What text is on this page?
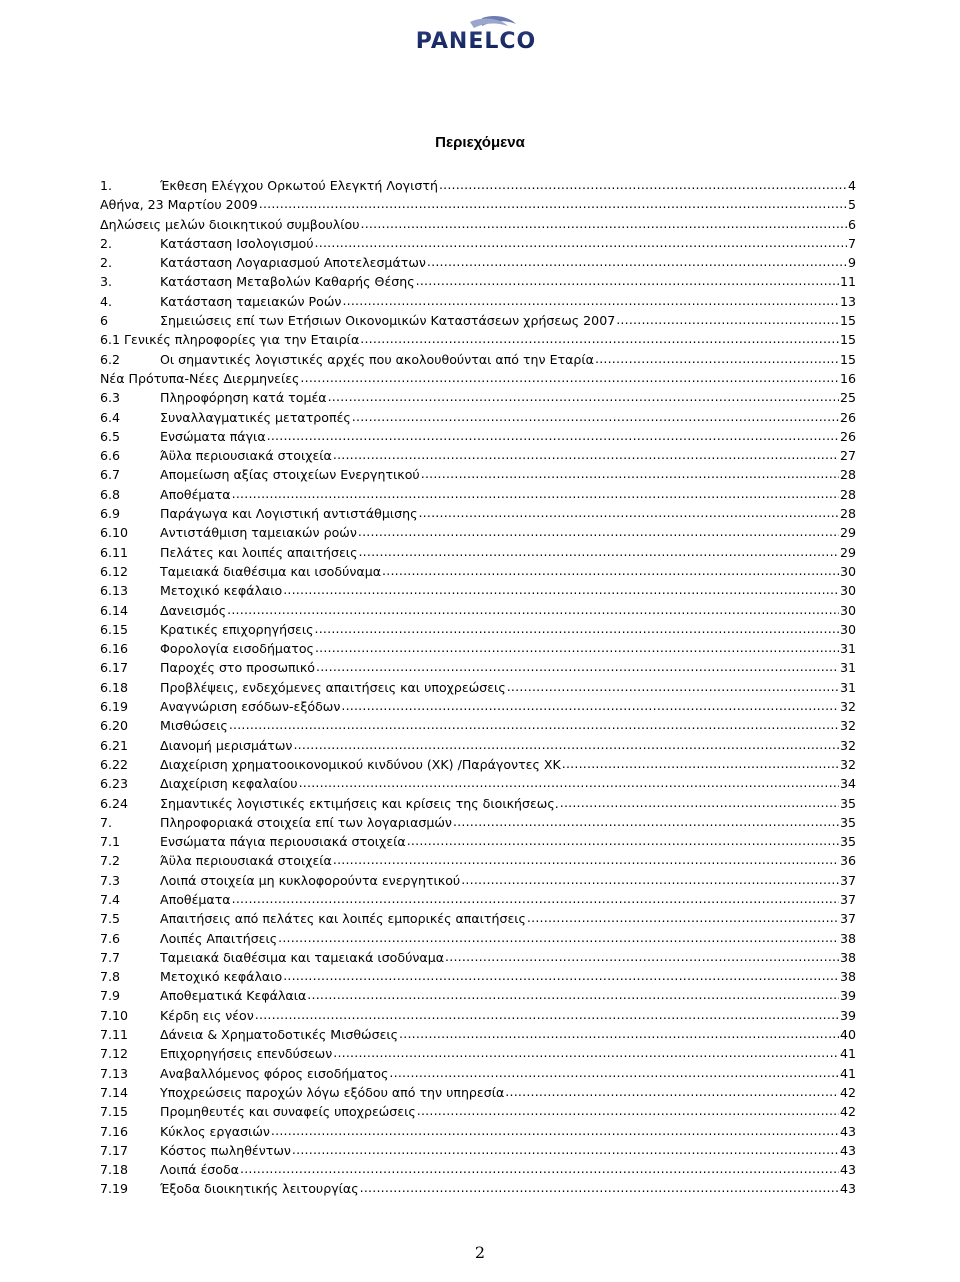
PANELCO
Περιεχόμενα
1.	Έκθεση Ελέγχου Ορκωτού Ελεγκτή Λογιστή . . .	4
Αθήνα, 23 Μαρτίου 2009 . . .	5
Δηλώσεις μελών διοικητικού συμβουλίου . . .	6
2.	Κατάσταση Ισολογισμού . . .	7
2.	Κατάσταση Λογαριασμού Αποτελεσμάτων . . .	9
3.	Κατάσταση Μεταβολών Καθαρής Θέσης . . .	11
4.	Κατάσταση ταμειακών Ροών . . .	13
6	Σημειώσεις επί των Ετήσιων Οικονομικών Καταστάσεων χρήσεως 2007 . . .	15
6.1 Γενικές πληροφορίες για την Εταιρία . . .	15
6.2	Οι σημαντικές λογιστικές αρχές που ακολουθούνται από την Εταρία . . .	15
Νέα Πρότυπα-Νέες Διερμηνείες . . .	16
6.3	Πληροφόρηση κατά τομέα . . .	25
6.4	Συναλλαγματικές μετατροπές . . .	26
6.5	Ενσώματα πάγια . . .	26
6.6	Άϋλα περιουσιακά στοιχεία . . .	27
6.7	Απομείωση αξίας στοιχείων Ενεργητικού . . .	28
6.8	Αποθέματα . . .	28
6.9	Παράγωγα και Λογιστική αντιστάθμισης . . .	28
6.10	Αντιστάθμιση ταμειακών ροών . . .	29
6.11	Πελάτες και λοιπές απαιτήσεις . . .	29
6.12	Ταμειακά διαθέσιμα και ισοδύναμα . . .	30
6.13	Μετοχικό κεφάλαιο . . .	30
6.14	Δανεισμός . . .	30
6.15	Κρατικές επιχορηγήσεις . . .	30
6.16	Φορολογία εισοδήματος . . .	31
6.17	Παροχές στο προσωπικό . . .	31
6.18	Προβλέψεις, ενδεχόμενες απαιτήσεις και υποχρεώσεις . . .	31
6.19	Αναγνώριση εσόδων-εξόδων . . .	32
6.20	Μισθώσεις . . .	32
6.21	Διανομή μερισμάτων . . .	32
6.22	Διαχείριση χρηματοοικονομικού κινδύνου (ΧΚ) /Παράγοντες ΧΚ . . .	32
6.23	Διαχείριση κεφαλαίου . . .	34
6.24	Σημαντικές λογιστικές εκτιμήσεις και κρίσεις της διοικήσεως. . . .	35
7.	Πληροφοριακά στοιχεία επί των λογαριασμών . . .	35
7.1	Ενσώματα πάγια περιουσιακά στοιχεία . . .	35
7.2	Άϋλα περιουσιακά στοιχεία . . .	36
7.3	Λοιπά στοιχεία μη κυκλοφορούντα ενεργητικού . . .	37
7.4	Αποθέματα . . .	37
7.5	Απαιτήσεις από πελάτες και λοιπές εμπορικές απαιτήσεις . . .	37
7.6	Λοιπές Απαιτήσεις . . .	38
7.7	Ταμειακά διαθέσιμα και ταμειακά ισοδύναμα . . .	38
7.8	Μετοχικό κεφάλαιο . . .	38
7.9	Αποθεματικά Κεφάλαια . . .	39
7.10	Κέρδη εις νέον . . .	39
7.11	Δάνεια & Χρηματοδοτικές Μισθώσεις . . .	40
7.12	Επιχορηγήσεις επενδύσεων . . .	41
7.13	Αναβαλλόμενος φόρος εισοδήματος . . .	41
7.14	Υποχρεώσεις παροχών λόγω εξόδου από την υπηρεσία . . .	42
7.15	Προμηθευτές και συναφείς υποχρεώσεις . . .	42
7.16	Κύκλος εργασιών . . .	43
7.17	Κόστος πωληθέντων . . .	43
7.18	Λοιπά έσοδα . . .	43
7.19	Έξοδα διοικητικής λειτουργίας . . .	43
2
